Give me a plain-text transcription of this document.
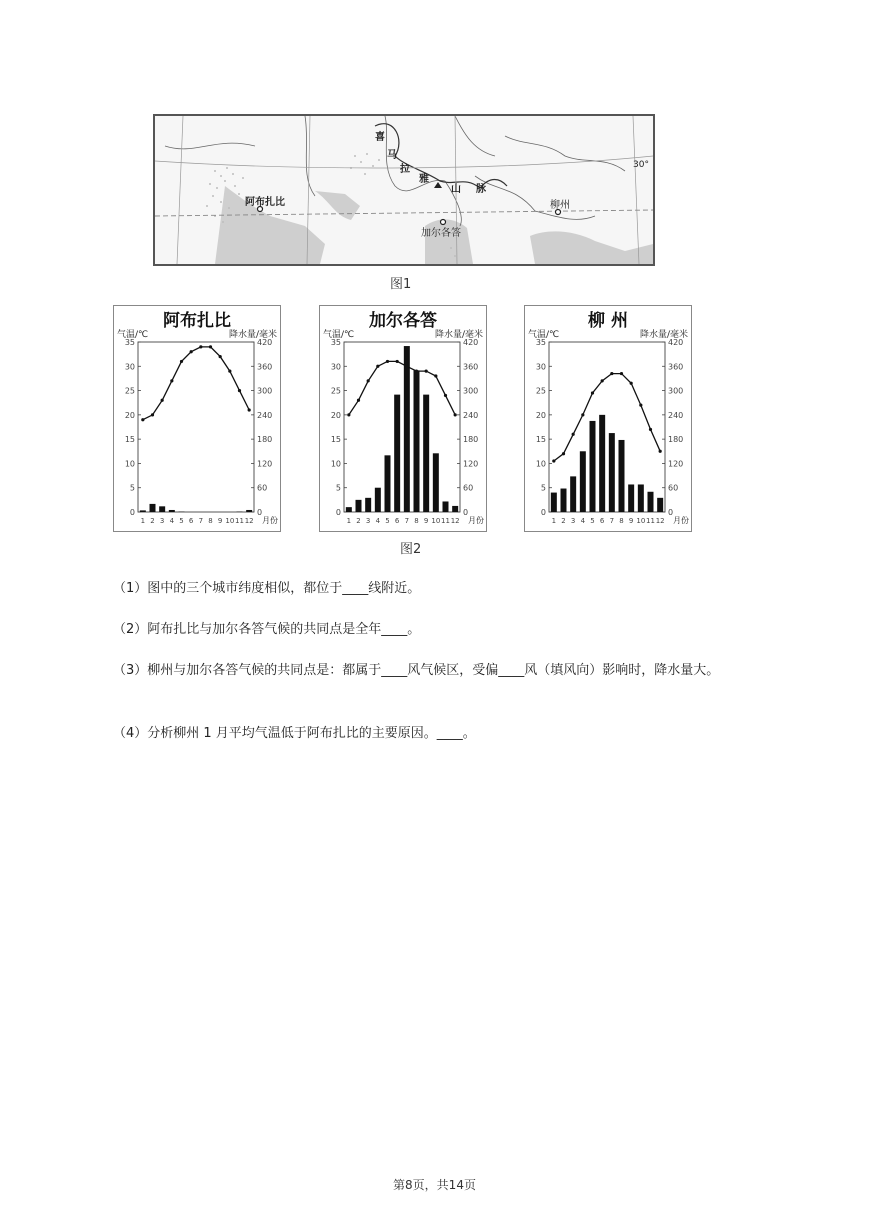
阿布扎比
加尔各答
柳州
喜
马
拉
雅
山 脉
30°
图1
阿布扎比
气温/℃	降水量/毫米
0
5
10
15
20
25
30
35
0
60
120
180
240
300
360
420
1 2 3 4 5 6 7 8 9 10 11 12 月份
加尔各答
气温/℃	降水量/毫米
0
5
10
15
20
25
30
35
0
60
120
180
240
300
360
420
1 2 3 4 5 6 7 8 9 10 11 12 月份
柳 州
气温/℃	降水量/毫米
0
5
10
15
20
25
30
35
0
60
120
180
240
300
360
420
1 2 3 4 5 6 7 8 9 10 11 12 月份
图2
（1）图中的三个城市纬度相似，都位于____线附近。
（2）阿布扎比与加尔各答气候的共同点是全年____。
（3）柳州与加尔各答气候的共同点是：都属于____风气候区，受偏____风（填风向）影响时，降水量大。
（4）分析柳州 1 月平均气温低于阿布扎比的主要原因。____。
第8页，共14页
